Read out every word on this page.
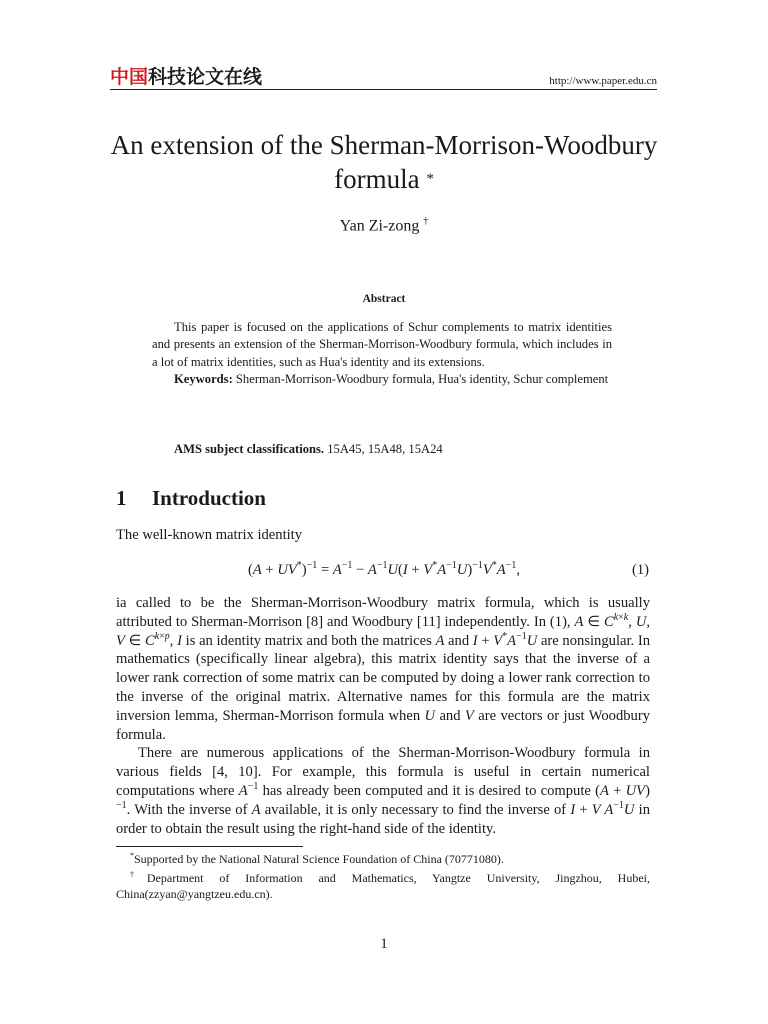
中国科技论文在线	http://www.paper.edu.cn
An extension of the Sherman-Morrison-Woodbury
formula *
Yan Zi-zong †
Abstract

This paper is focused on the applications of Schur complements to matrix identities and presents an extension of the Sherman-Morrison-Woodbury formula, which includes in a lot of matrix identities, such as Hua's identity and its extensions.

Keywords: Sherman-Morrison-Woodbury formula, Hua's identity, Schur complement

AMS subject classifications. 15A45, 15A48, 15A24
1 Introduction
The well-known matrix identity
$(A + UV^*)^{-1} = A^{-1} - A^{-1}U(I + V^*A^{-1}U)^{-1}V^*A^{-1}$,	(1)

ia called to be the Sherman-Morrison-Woodbury matrix formula, which is usually attributed to Sherman-Morrison [8] and Woodbury [11] independently. In (1), A ∈ $C^{k\times k}$, U, V ∈ $C^{k\times p}$, I is an identity matrix and both the matrices A and $I + V^*A^{-1}U$ are nonsingular. In mathematics (specifically linear algebra), this matrix identity says that the inverse of a lower rank correction of some matrix can be computed by doing a lower rank correction to the inverse of the original matrix. Alternative names for this formula are the matrix inversion lemma, Sherman-Morrison formula when U and V are vectors or just Woodbury formula.

There are numerous applications of the Sherman-Morrison-Woodbury formula in various fields [4, 10]. For example, this formula is useful in certain numerical computations where $A^{-1}$ has already been computed and it is desired to compute (A + UV)$^{-1}$. With the inverse of A available, it is only necessary to find the inverse of I + V $A^{-1}U$ in order to obtain the result using the right-hand side of the identity.

*Supported by the National Natural Science Foundation of China (70771080).

†Department of Information and Mathematics, Yangtze University, Jingzhou, Hubei, China(zzyan@yangtzeu.edu.cn).

1
